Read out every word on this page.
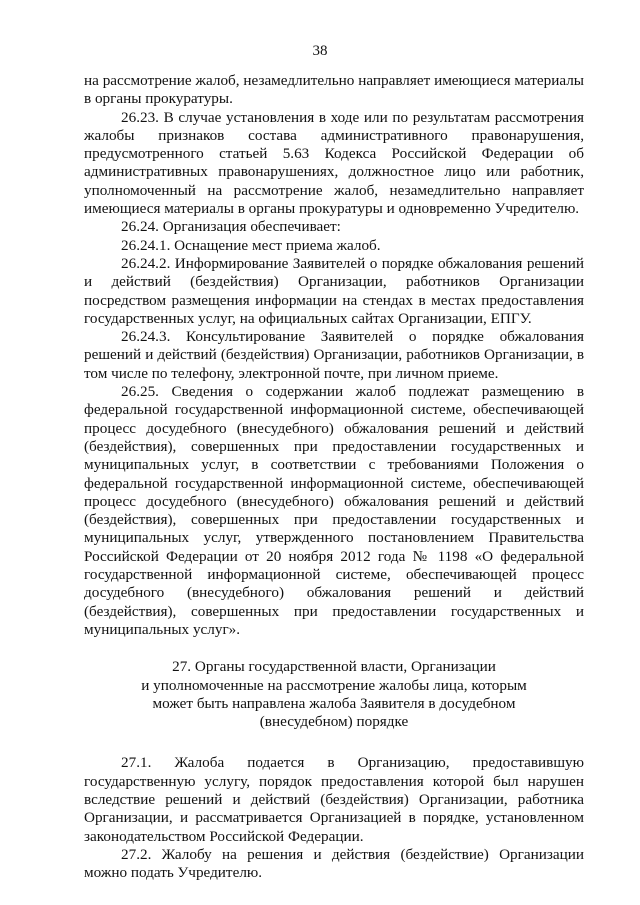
38

на рассмотрение жалоб, незамедлительно направляет имеющиеся материалы в органы прокуратуры.

26.23. В случае установления в ходе или по результатам рассмотрения жалобы признаков состава административного правонарушения, предусмотренного статьей 5.63 Кодекса Российской Федерации об административных правонарушениях, должностное лицо или работник, уполномоченный на рассмотрение жалоб, незамедлительно направляет имеющиеся материалы в органы прокуратуры и одновременно Учредителю.

26.24. Организация обеспечивает:

26.24.1. Оснащение мест приема жалоб.

26.24.2. Информирование Заявителей о порядке обжалования решений и действий (бездействия) Организации, работников Организации посредством размещения информации на стендах в местах предоставления государственных услуг, на официальных сайтах Организации, ЕПГУ.

26.24.3. Консультирование Заявителей о порядке обжалования решений и действий (бездействия) Организации, работников Организации, в том числе по телефону, электронной почте, при личном приеме.

26.25. Сведения о содержании жалоб подлежат размещению в федеральной государственной информационной системе, обеспечивающей процесс досудебного (внесудебного) обжалования решений и действий (бездействия), совершенных при предоставлении государственных и муниципальных услуг, в соответствии с требованиями Положения о федеральной государственной информационной системе, обеспечивающей процесс досудебного (внесудебного) обжалования решений и действий (бездействия), совершенных при предоставлении государственных и муниципальных услуг, утвержденного постановлением Правительства Российской Федерации от 20 ноября 2012 года № 1198 «О федеральной государственной информационной системе, обеспечивающей процесс досудебного (внесудебного) обжалования решений и действий (бездействия), совершенных при предоставлении государственных и муниципальных услуг».

27. Органы государственной власти, Организации
и уполномоченные на рассмотрение жалобы лица, которым
может быть направлена жалоба Заявителя в досудебном
(внесудебном) порядке

27.1. Жалоба подается в Организацию, предоставившую государственную услугу, порядок предоставления которой был нарушен вследствие решений и действий (бездействия) Организации, работника Организации, и рассматривается Организацией в порядке, установленном законодательством Российской Федерации.

27.2. Жалобу на решения и действия (бездействие) Организации можно подать Учредителю.
